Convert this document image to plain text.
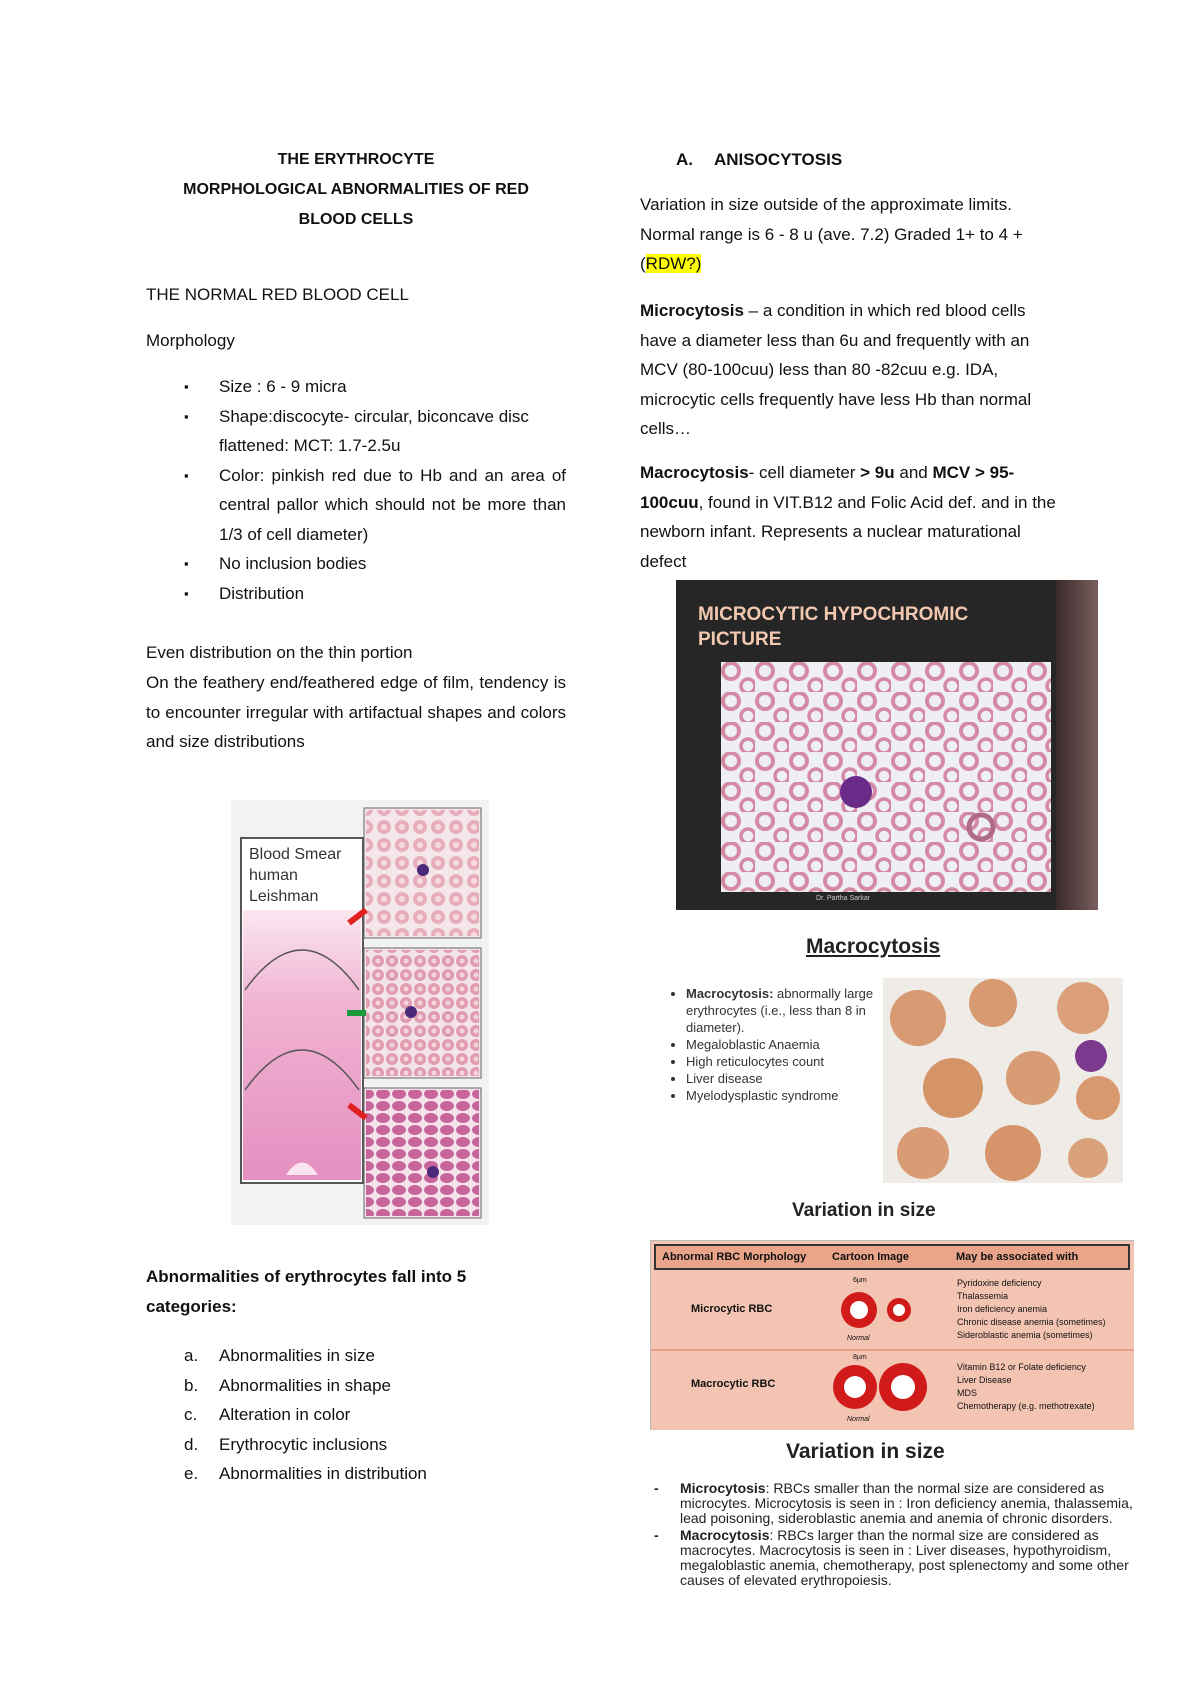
THE ERYTHROCYTE
MORPHOLOGICAL ABNORMALITIES OF RED
BLOOD CELLS
THE NORMAL RED BLOOD CELL
Morphology
▪ Size : 6 - 9 micra
▪ Shape:discocyte- circular, biconcave disc flattened: MCT: 1.7-2.5u
▪ Color: pinkish red due to Hb and an area of central pallor which should not be more than 1/3 of cell diameter)
▪ No inclusion bodies
▪ Distribution
Even distribution on the thin portion
On the feathery end/feathered edge of film, tendency is to encounter irregular with artifactual shapes and colors and size distributions
Blood Smear
human
Leishman
Abnormalities of erythrocytes fall into 5 categories:
a. Abnormalities in size
b. Abnormalities in shape
c. Alteration in color
d. Erythrocytic inclusions
e. Abnormalities in distribution
A. ANISOCYTOSIS
Variation in size outside of the approximate limits. Normal range is 6 - 8 u (ave. 7.2) Graded 1+ to 4 + (RDW?)
Microcytosis – a condition in which red blood cells have a diameter less than 6u and frequently with an MCV (80-100cuu) less than 80 -82cuu e.g. IDA, microcytic cells frequently have less Hb than normal cells…
Macrocytosis- cell diameter > 9u and MCV > 95-100cuu, found in VIT.B12 and Folic Acid def. and in the newborn infant. Represents a nuclear maturational defect
MICROCYTIC HYPOCHROMIC
PICTURE
Dr. Partha Sarkar
Macrocytosis
• Macrocytosis: abnormally large erythrocytes (i.e., less than 8 in diameter).
• Megaloblastic Anaemia
• High reticulocytes count
• Liver disease
• Myelodysplastic syndrome
Variation in size
Abnormal RBC Morphology Cartoon Image	May be associated with
Microcytic RBC
6µm
Normal
Pyridoxine deficiency
Thalassemia
Iron deficiency anemia
Chronic disease anemia (sometimes)
Sideroblastic anemia (sometimes)
Macrocytic RBC
8µm
Normal
Vitamin B12 or Folate deficiency
Liver Disease
MDS
Chemotherapy (e.g. methotrexate)
Variation in size
- Microcytosis: RBCs smaller than the normal size are considered as microcytes. Microcytosis is seen in : Iron deficiency anemia, thalassemia, lead poisoning, sideroblastic anemia and anemia of chronic disorders.
- Macrocytosis: RBCs larger than the normal size are considered as macrocytes. Macrocytosis is seen in : Liver diseases, hypothyroidism, megaloblastic anemia, chemotherapy, post splenectomy and some other causes of elevated erythropoiesis.
